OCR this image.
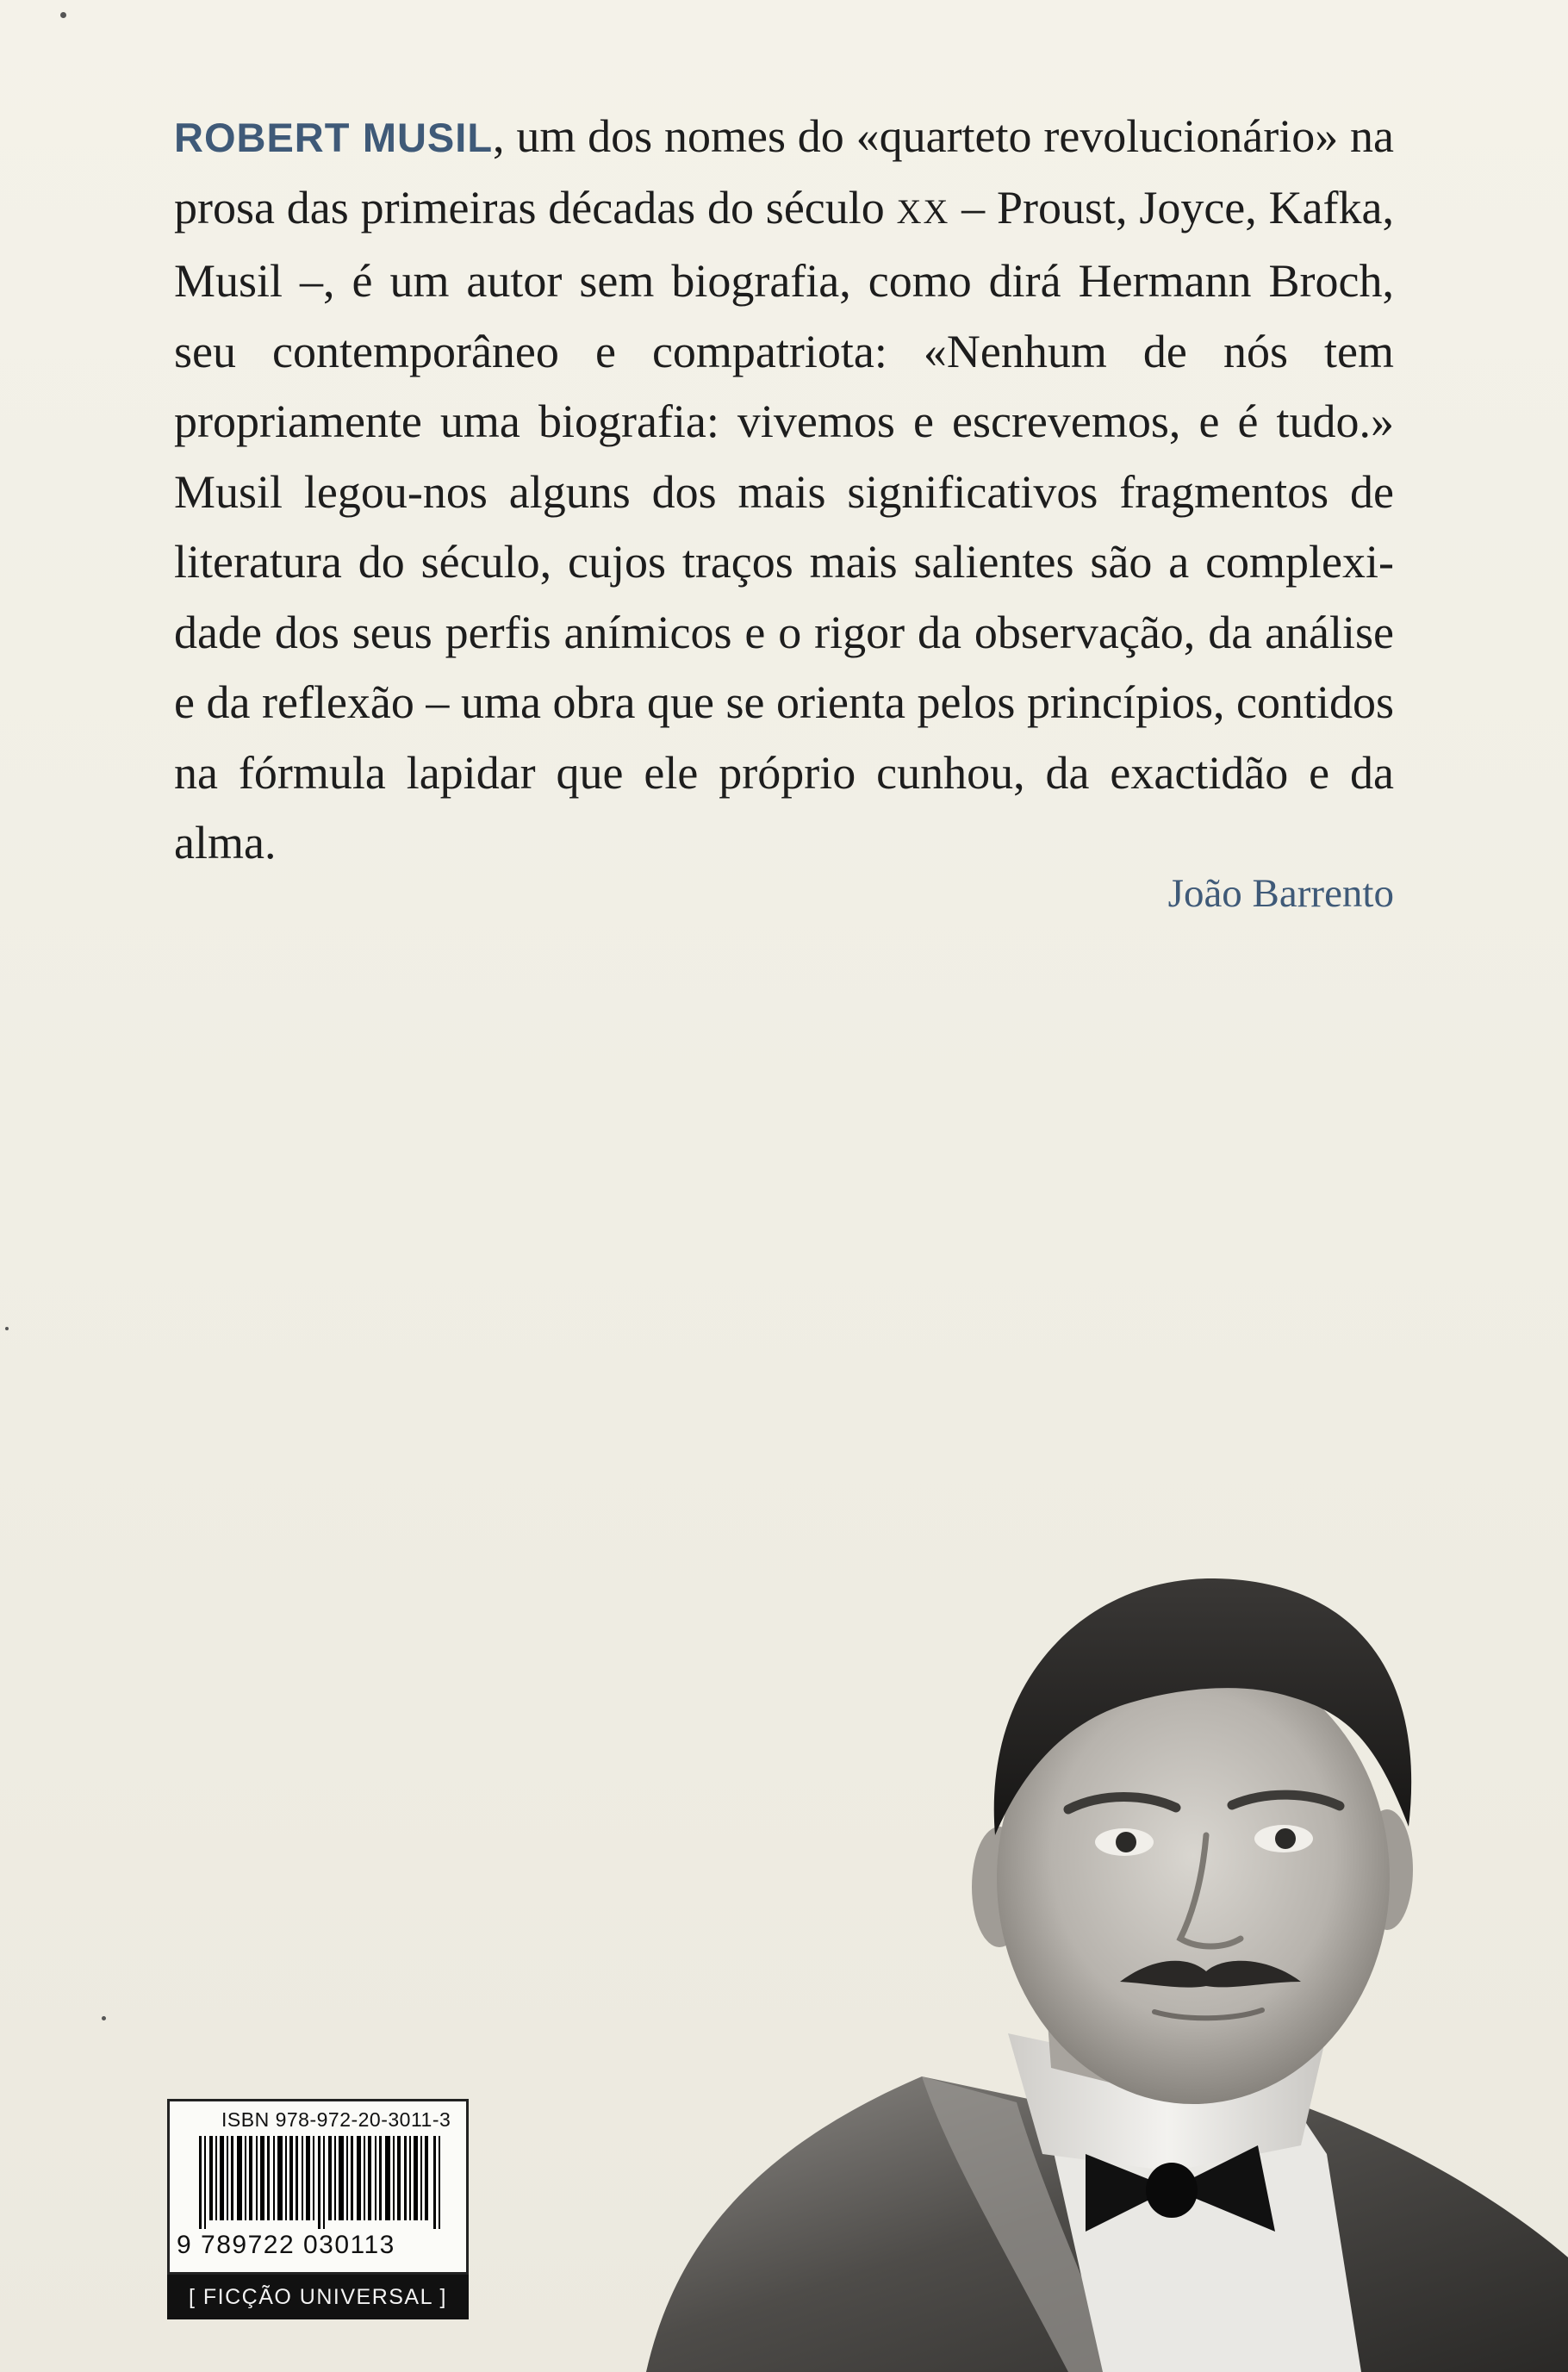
ROBERT MUSIL, um dos nomes do «quarteto revolucionário» na prosa das primeiras décadas do século XX – Proust, Joyce, Kafka, Musil –, é um autor sem biografia, como dirá Hermann Broch, seu contemporâneo e compatriota: «Nenhum de nós tem propriamente uma biografia: vivemos e escrevemos, e é tudo.» Musil legou-nos alguns dos mais significativos fragmentos de literatura do século, cujos traços mais salientes são a complexidade dos seus perfis anímicos e o rigor da observação, da análise e da reflexão – uma obra que se orienta pelos princípios, contidos na fórmula lapidar que ele próprio cunhou, da exactidão e da alma.
João Barrento
ISBN 978-972-20-3011-3
9 789722 030113
[ FICÇÃO UNIVERSAL ]
